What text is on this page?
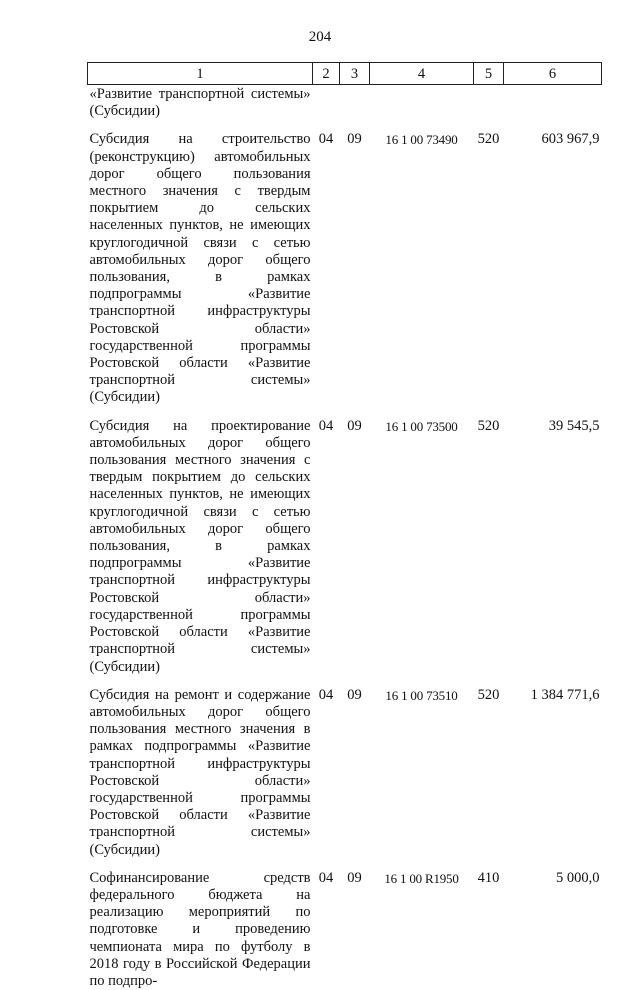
204
1	2	3	4	5	6
«Развитие транспортной системы» (Субсидии)					
Субсидия на строительство (реконструкцию) автомобильных дорог общего пользования местного значения с твердым покрытием до сельских населенных пунктов, не имеющих круглогодичной связи с сетью автомобильных дорог общего пользования, в рамках подпрограммы «Развитие транспортной инфраструктуры Ростовской области» государственной программы Ростовской области «Развитие транспортной системы» (Субсидии)	04	09	16 1 00 73490	520	603 967,9
Субсидия на проектирование автомобильных дорог общего пользования местного значения с твердым покрытием до сельских населенных пунктов, не имеющих круглогодичной связи с сетью автомобильных дорог общего пользования, в рамках подпрограммы «Развитие транспортной инфраструктуры Ростовской области» государственной программы Ростовской области «Развитие транспортной системы» (Субсидии)	04	09	16 1 00 73500	520	39 545,5
Субсидия на ремонт и содержание автомобильных дорог общего пользования местного значения в рамках подпрограммы «Развитие транспортной инфраструктуры Ростовской области» государственной программы Ростовской области «Развитие транспортной системы» (Субсидии)	04	09	16 1 00 73510	520	1 384 771,6
Софинансирование средств федерального бюджета на реализацию мероприятий по подготовке и проведению чемпионата мира по футболу в 2018 году в Российской Федерации по подпро-	04	09	16 1 00 R1950	410	5 000,0
